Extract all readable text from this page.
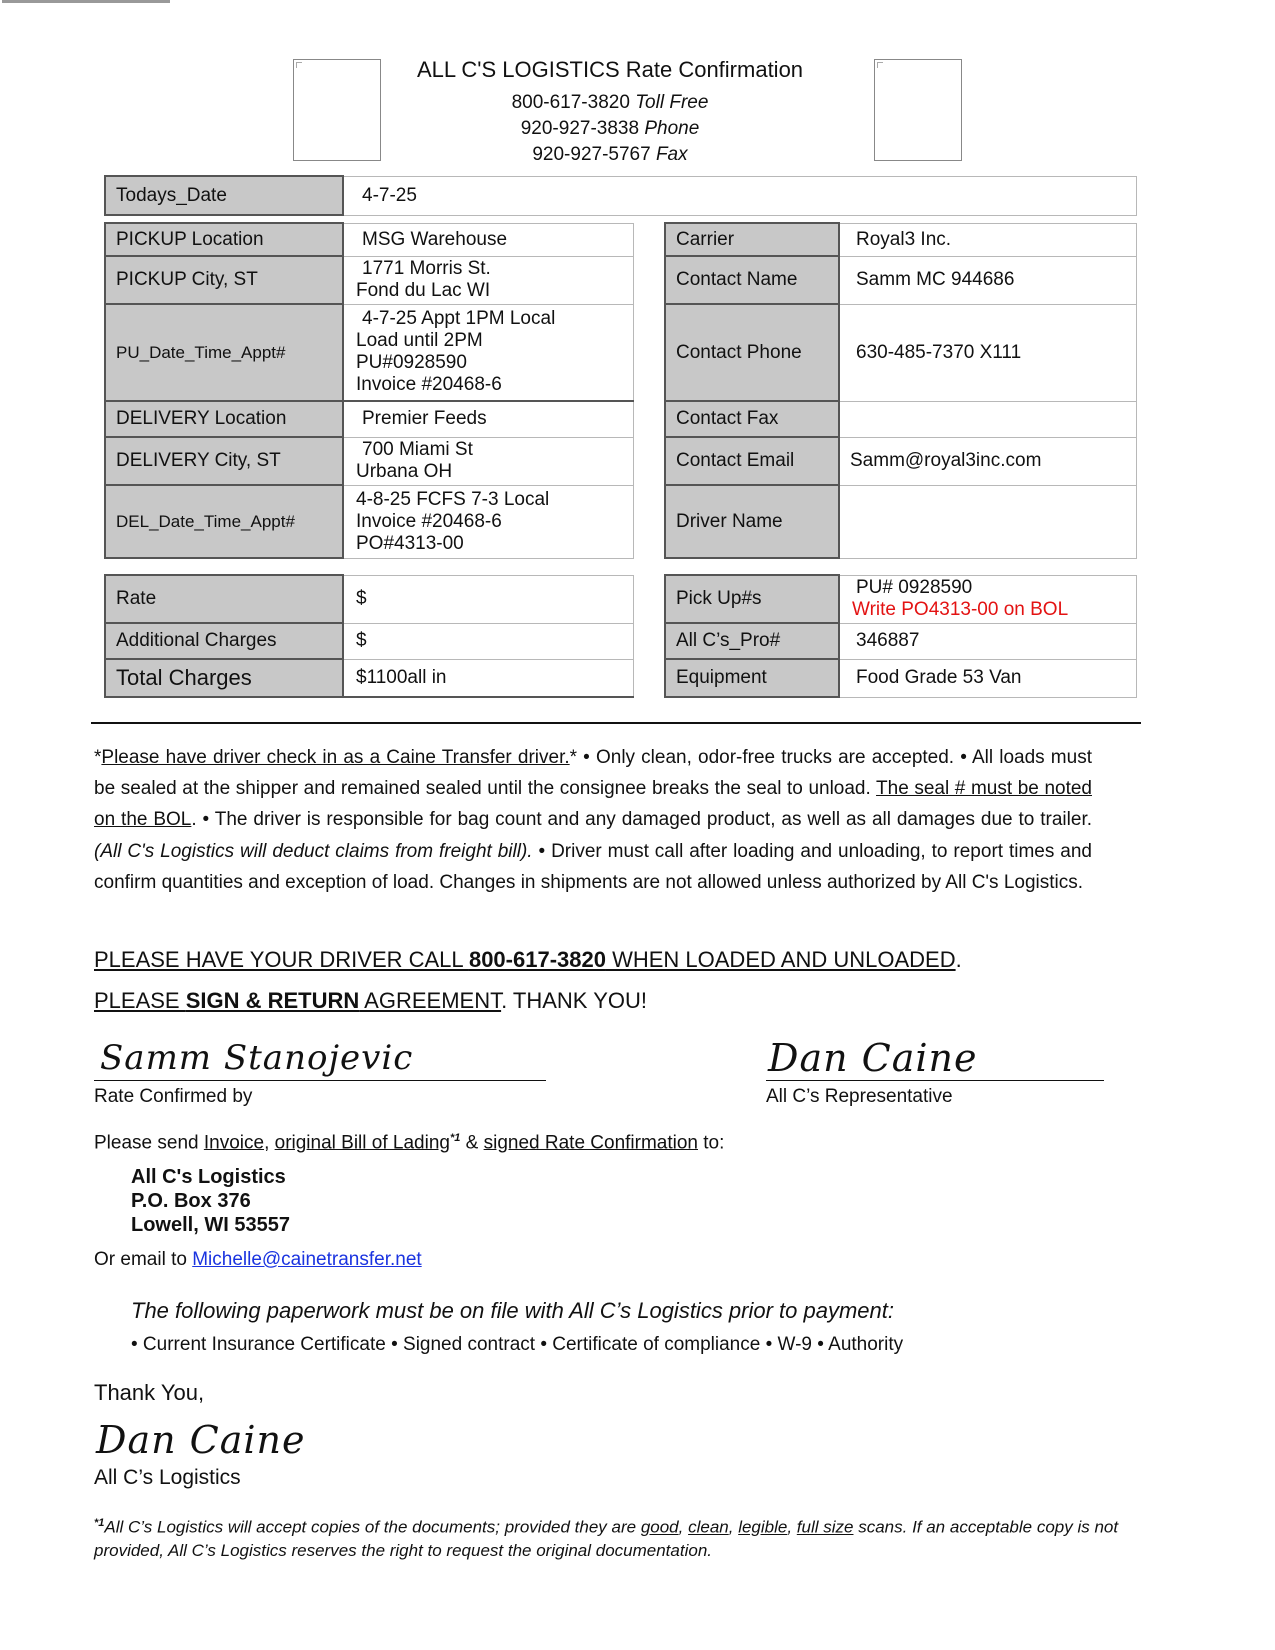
ALL C'S LOGISTICS Rate Confirmation
800-617-3820 Toll Free
920-927-3838 Phone
920-927-5767 Fax
Todays_Date	4-7-25
PICKUP Location	MSG Warehouse
PICKUP City, ST	1771 Morris St.
Fond du Lac WI

PU_Date_Time_Appt#	4-7-25 Appt 1PM Local
Load until 2PM
PU#0928590
Invoice #20468-6

DELIVERY Location	Premier Feeds
DELIVERY City, ST	700 Miami St
Urbana OH

DEL_Date_Time_Appt#	4-8-25 FCFS 7-3 Local
Invoice #20468-6
PO#4313-00
Carrier	Royal3 Inc.
Contact Name	Samm MC 944686
Contact Phone	630-485-7370 X111
Contact Fax	
Contact Email	Samm@royal3inc.com
Driver Name	
Rate	$
Additional Charges	$
Total Charges	$1100all in
Pick Up#s	PU# 0928590
Write PO4313-00 on BOL

All C’s_Pro#	346887
Equipment	Food Grade 53 Van
*Please have driver check in as a Caine Transfer driver.* • Only clean, odor-free trucks are accepted. • All loads must be sealed at the shipper and remained sealed until the consignee breaks the seal to unload. The seal # must be noted on the BOL. • The driver is responsible for bag count and any damaged product, as well as all damages due to trailer. (All C's Logistics will deduct claims from freight bill). • Driver must call after loading and unloading, to report times and confirm quantities and exception of load. Changes in shipments are not allowed unless authorized by All C's Logistics.
PLEASE HAVE YOUR DRIVER CALL 800-617-3820 WHEN LOADED AND UNLOADED.
PLEASE SIGN & RETURN AGREEMENT. THANK YOU!
Samm Stanojevic
Rate Confirmed by
Dan Caine
All C’s Representative
Please send Invoice, original Bill of Lading$^{*1}$ & signed Rate Confirmation to:
All C's Logistics
P.O. Box 376
Lowell, WI 53557
Or email to Michelle@cainetransfer.net
The following paperwork must be on file with All C’s Logistics prior to payment:
• Current Insurance Certificate • Signed contract • Certificate of compliance • W-9 • Authority
Thank You,
Dan Caine
All C’s Logistics
$^{*1}$All C’s Logistics will accept copies of the documents; provided they are good, clean, legible, full size scans. If an acceptable copy is not provided, All C’s Logistics reserves the right to request the original documentation.
